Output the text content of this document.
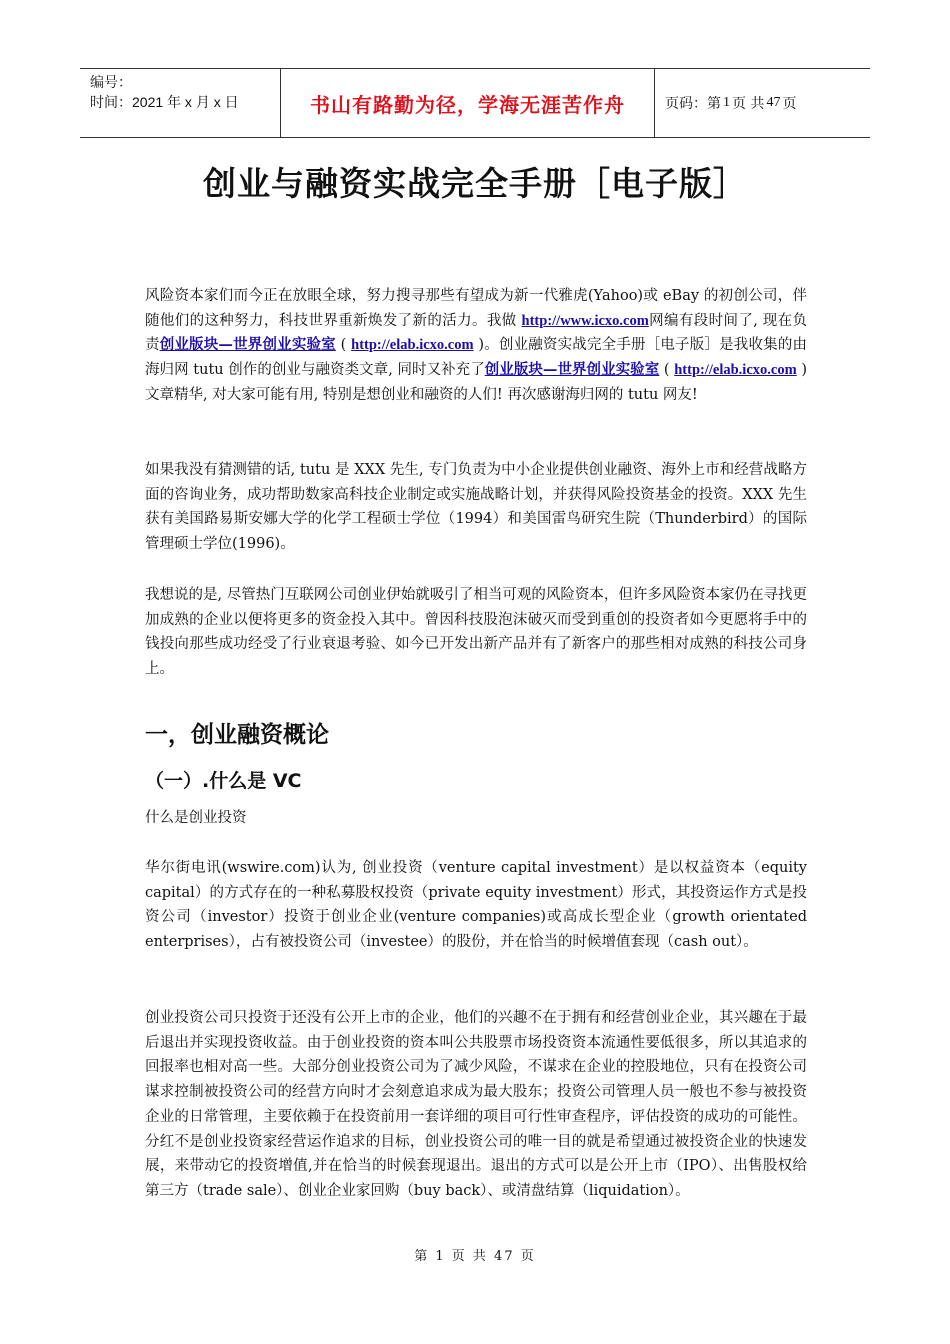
编号：
时间：2021 年 x 月 x 日	书山有路勤为径，学海无涯苦作舟	页码：第 1 页 共 47 页
创业与融资实战完全手册［电子版］

风险资本家们而今正在放眼全球，努力搜寻那些有望成为新一代雅虎(Yahoo)或 eBay 的初创公司，伴随他们的这种努力，科技世界重新焕发了新的活力。我做 http://www.icxo.com网编有段时间了, 现在负责创业版块—世界创业实验室 ( http://elab.icxo.com )。创业融资实战完全手册［电子版］是我收集的由海归网 tutu 创作的创业与融资类文章, 同时又补充了创业版块—世界创业实验室 ( http://elab.icxo.com )文章精华, 对大家可能有用, 特别是想创业和融资的人们! 再次感谢海归网的 tutu 网友!

如果我没有猜测错的话, tutu 是 XXX 先生, 专门负责为中小企业提供创业融资、海外上市和经营战略方面的咨询业务，成功帮助数家高科技企业制定或实施战略计划，并获得风险投资基金的投资。XXX 先生获有美国路易斯安娜大学的化学工程硕士学位（1994）和美国雷鸟研究生院（Thunderbird）的国际管理硕士学位(1996)。
我想说的是, 尽管热门互联网公司创业伊始就吸引了相当可观的风险资本，但许多风险资本家仍在寻找更加成熟的企业以便将更多的资金投入其中。曾因科技股泡沫破灭而受到重创的投资者如今更愿将手中的钱投向那些成功经受了行业衰退考验、如今已开发出新产品并有了新客户的那些相对成熟的科技公司身上。
一，创业融资概论
（一）.什么是 VC
什么是创业投资
华尔街电讯(wswire.com)认为, 创业投资（venture capital investment）是以权益资本（equity capital）的方式存在的一种私募股权投资（private equity investment）形式，其投资运作方式是投资公司（investor）投资于创业企业(venture companies)或高成长型企业（growth orientated enterprises），占有被投资公司（investee）的股份，并在恰当的时候增值套现（cash out）。
创业投资公司只投资于还没有公开上市的企业，他们的兴趣不在于拥有和经营创业企业，其兴趣在于最后退出并实现投资收益。由于创业投资的资本叫公共股票市场投资资本流通性要低很多，所以其追求的回报率也相对高一些。大部分创业投资公司为了减少风险，不谋求在企业的控股地位，只有在投资公司谋求控制被投资公司的经营方向时才会刻意追求成为最大股东；投资公司管理人员一般也不参与被投资企业的日常管理，主要依赖于在投资前用一套详细的项目可行性审查程序，评估投资的成功的可能性。分红不是创业投资家经营运作追求的目标，创业投资公司的唯一目的就是希望通过被投资企业的快速发展，来带动它的投资增值,并在恰当的时候套现退出。退出的方式可以是公开上市（IPO）、出售股权给第三方（trade sale）、创业企业家回购（buy back）、或清盘结算（liquidation）。
第 1 页 共 47 页
